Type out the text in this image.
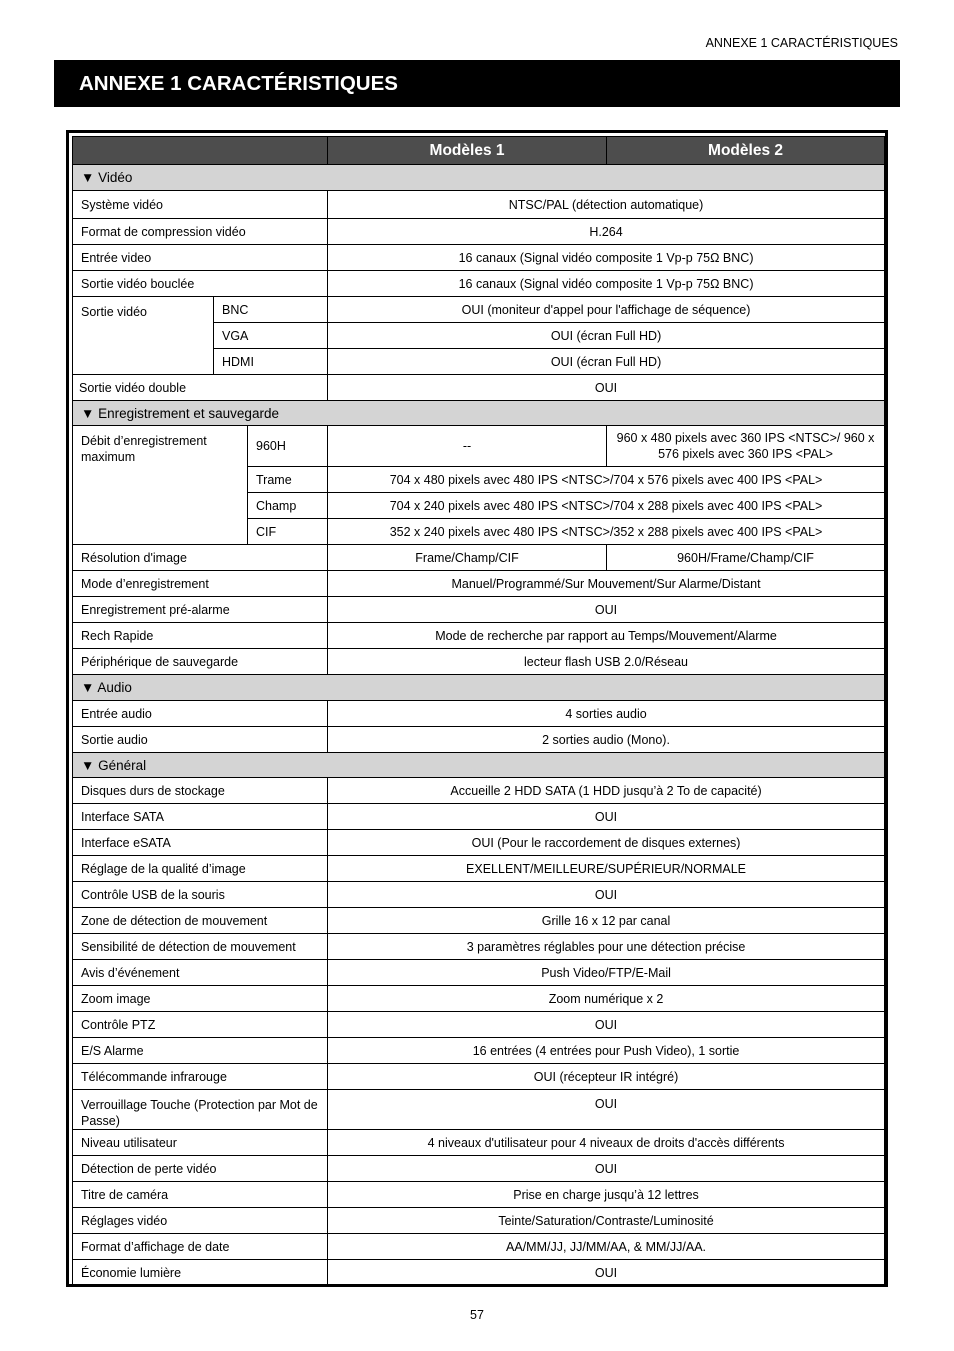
ANNEXE 1 CARACTÉRISTIQUES
ANNEXE 1 CARACTÉRISTIQUES
			Modèles 1	Modèles 2
▼ Vidéo				
Système vidéo			NTSC/PAL (détection automatique)	
Format de compression vidéo			H.264	
Entrée video			16 canaux (Signal vidéo composite 1 Vp-p 75Ω BNC)	
Sortie vidéo bouclée			16 canaux (Signal vidéo composite 1 Vp-p 75Ω BNC)	
Sortie vidéo	BNC		OUI (moniteur d'appel pour l'affichage de séquence)	
	VGA		OUI (écran Full HD)	
	HDMI		OUI (écran Full HD)	
Sortie vidéo double			OUI	
▼ Enregistrement et sauvegarde				
Débit d’enregistrement maximum		960H	--	960 x 480 pixels avec 360 IPS <NTSC>/ 960 x 576 pixels avec 360 IPS <PAL>
		Trame	704 x 480 pixels avec 480 IPS <NTSC>/704 x 576 pixels avec 400 IPS <PAL>	
		Champ	704 x 240 pixels avec 480 IPS <NTSC>/704 x 288 pixels avec 400 IPS <PAL>	
		CIF	352 x 240 pixels avec 480 IPS <NTSC>/352 x 288 pixels avec 400 IPS <PAL>	
Résolution d'image			Frame/Champ/CIF	960H/Frame/Champ/CIF
Mode d’enregistrement			Manuel/Programmé/Sur Mouvement/Sur Alarme/Distant	
Enregistrement pré-alarme			OUI	
Rech Rapide			Mode de recherche par rapport au Temps/Mouvement/Alarme	
Périphérique de sauvegarde			lecteur flash USB 2.0/Réseau	
▼ Audio				
Entrée audio			4 sorties audio	
Sortie audio			2 sorties audio (Mono).	
▼ Général				
Disques durs de stockage			Accueille 2 HDD SATA (1 HDD jusqu’à 2 To de capacité)	
Interface SATA			OUI	
Interface eSATA			OUI (Pour le raccordement de disques externes)	
Réglage de la qualité d’image			EXELLENT/MEILLEURE/SUPÉRIEUR/NORMALE	
Contrôle USB de la souris			OUI	
Zone de détection de mouvement			Grille 16 x 12 par canal	
Sensibilité de détection de mouvement			3 paramètres réglables pour une détection précise	
Avis d’événement			Push Video/FTP/E-Mail	
Zoom image			Zoom numérique x 2	
Contrôle PTZ			OUI	
E/S Alarme			16 entrées (4 entrées pour Push Video), 1 sortie	
Télécommande infrarouge			OUI (récepteur IR intégré)	
Verrouillage Touche (Protection par Mot de Passe)			OUI	
Niveau utilisateur			4 niveaux d'utilisateur pour 4 niveaux de droits d'accès différents	
Détection de perte vidéo			OUI	
Titre de caméra			Prise en charge jusqu’à 12 lettres	
Réglages vidéo			Teinte/Saturation/Contraste/Luminosité	
Format d’affichage de date			AA/MM/JJ, JJ/MM/AA, & MM/JJ/AA.	
Économie lumière			OUI	
57
